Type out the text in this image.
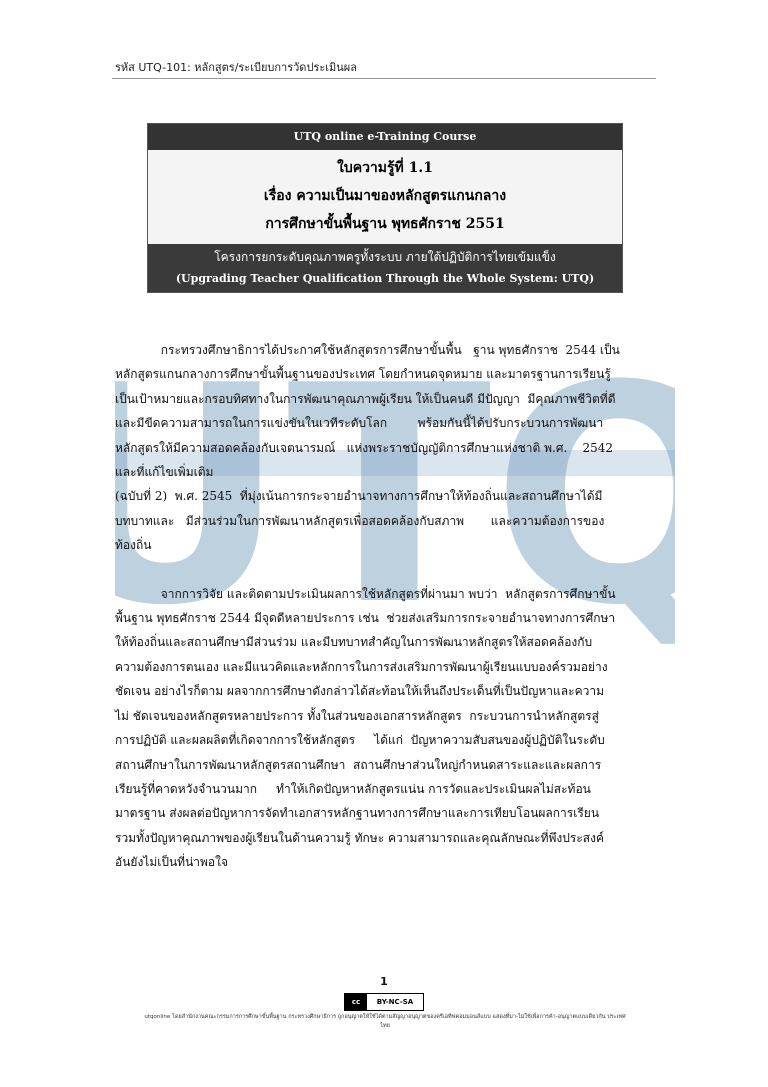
UTQ
รหัส UTQ-101: หลักสูตร/ระเบียบการวัดประเมินผล
UTQ online e-Training Course
ใบความรู้ที่ 1.1
เรื่อง ความเป็นมาของหลักสูตรแกนกลาง
การศึกษาขั้นพื้นฐาน พุทธศักราช 2551
โครงการยกระดับคุณภาพครูทั้งระบบ ภายใต้ปฏิบัติการไทยเข้มแข็ง
(Upgrading Teacher Qualification Through the Whole System: UTQ)

กระทรวงศึกษาธิการได้ประกาศใช้หลักสูตรการศึกษาขั้นพื้น   ฐาน พุทธศักราช  2544 เป็น

หลักสูตรแกนกลางการศึกษาขั้นพื้นฐานของประเทศ โดยกำหนดจุดหมาย และมาตรฐานการเรียนรู้

เป็นเป้าหมายและกรอบทิศทางในการพัฒนาคุณภาพผู้เรียน ให้เป็นคนดี มีปัญญา  มีคุณภาพชีวิตที่ดี

และมีขีดความสามารถในการแข่งขันในเวทีระดับโลก        พร้อมกันนี้ได้ปรับกระบวนการพัฒนา

หลักสูตรให้มีความสอดคล้องกับเจตนารมณ์   แห่งพระราชบัญญัติการศึกษาแห่งชาติ พ.ศ.    2542

และที่แก้ไขเพิ่มเติม

(ฉบับที่ 2)  พ.ศ. 2545  ที่มุ่งเน้นการกระจายอำนาจทางการศึกษาให้ท้องถิ่นและสถานศึกษาได้มี

บทบาทและ   มีส่วนร่วมในการพัฒนาหลักสูตรเพื่อสอดคล้องกับสภาพ       และความต้องการของ

ท้องถิ่น

จากการวิจัย และติดตามประเมินผลการใช้หลักสูตรที่ผ่านมา พบว่า  หลักสูตรการศึกษาขั้น

พื้นฐาน พุทธศักราช 2544 มีจุดดีหลายประการ เช่น  ช่วยส่งเสริมการกระจายอำนาจทางการศึกษา

ให้ท้องถิ่นและสถานศึกษามีส่วนร่วม และมีบทบาทสำคัญในการพัฒนาหลักสูตรให้สอดคล้องกับ

ความต้องการตนเอง และมีแนวคิดและหลักการในการส่งเสริมการพัฒนาผู้เรียนแบบองค์รวมอย่าง

ชัดเจน อย่างไรก็ตาม ผลจากการศึกษาดังกล่าวได้สะท้อนให้เห็นถึงประเด็นที่เป็นปัญหาและความ

ไม่ ชัดเจนของหลักสูตรหลายประการ ทั้งในส่วนของเอกสารหลักสูตร  กระบวนการนำหลักสูตรสู่

การปฏิบัติ และผลผลิตที่เกิดจากการใช้หลักสูตร     ได้แก่  ปัญหาความสับสนของผู้ปฏิบัติในระดับ

สถานศึกษาในการพัฒนาหลักสูตรสถานศึกษา  สถานศึกษาส่วนใหญ่กำหนดสาระและและผลการ

เรียนรู้ที่คาดหวังจำนวนมาก     ทำให้เกิดปัญหาหลักสูตรแน่น การวัดและประเมินผลไม่สะท้อน

มาตรฐาน ส่งผลต่อปัญหาการจัดทำเอกสารหลักฐานทางการศึกษาและการเทียบโอนผลการเรียน

รวมทั้งปัญหาคุณภาพของผู้เรียนในด้านความรู้ ทักษะ ความสามารถและคุณลักษณะที่พึงประสงค์

อันยังไม่เป็นที่น่าพอใจ

1
cc	BY-NC-SA
utqonline โดยสำนักงานคณะกรรมการการศึกษาขั้นพื้นฐาน กระทรวงศึกษาธิการ ถูกอนุญาตให้ใช้ได้ตามสัญญาอนุญาตของครีเอทีฟคอมมอนส์แบบ แสดงที่มา-ไม่ใช้เพื่อการค้า-อนุญาตแบบเดียวกัน ประเทศ
ไทย
